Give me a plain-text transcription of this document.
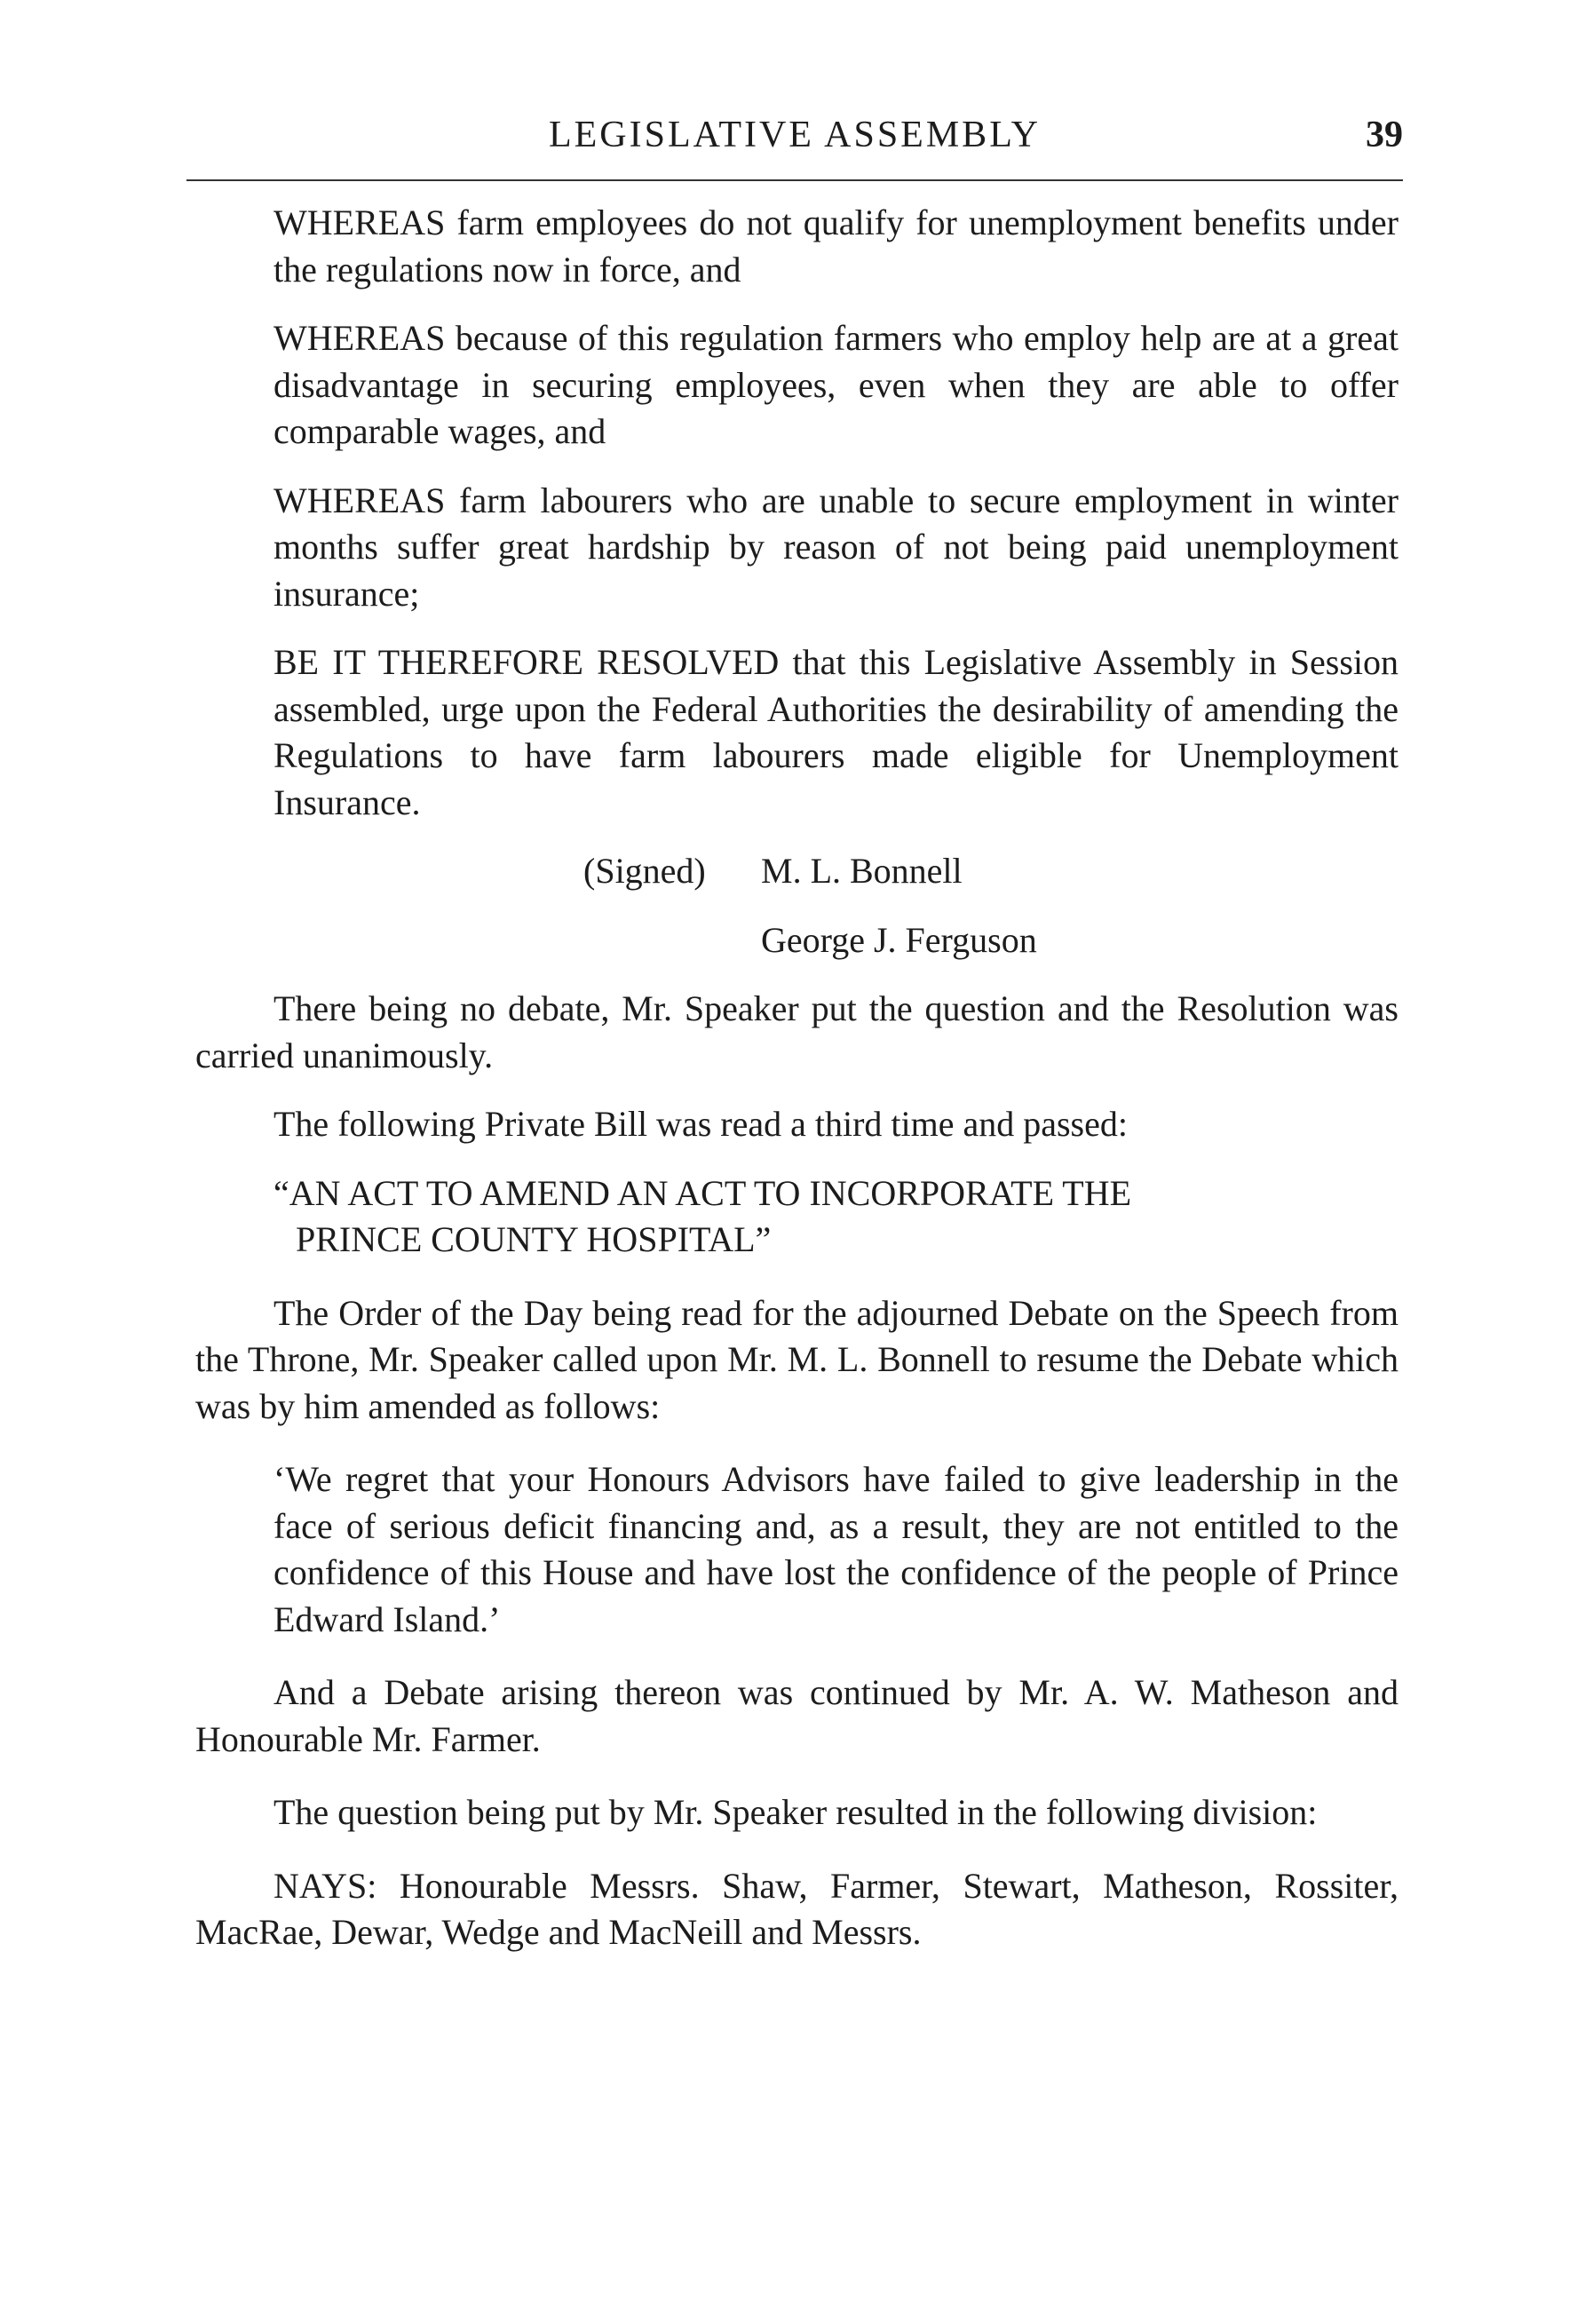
LEGISLATIVE ASSEMBLY	39

WHEREAS farm employees do not qualify for unemployment benefits under the regulations now in force, and

WHEREAS because of this regulation farmers who employ help are at a great disadvantage in securing employees, even when they are able to offer comparable wages, and

WHEREAS farm labourers who are unable to secure employment in winter months suffer great hardship by reason of not being paid unemployment insurance;

BE IT THEREFORE RESOLVED that this Legislative Assembly in Session assembled, urge upon the Federal Authorities the desirability of amending the Regulations to have farm labourers made eligible for Unemployment Insurance.

(Signed) M. L. Bonnell
George J. Ferguson

There being no debate, Mr. Speaker put the question and the Resolution was carried unanimously.

The following Private Bill was read a third time and passed:

“AN ACT TO AMEND AN ACT TO INCORPORATE THE
PRINCE COUNTY HOSPITAL”

The Order of the Day being read for the adjourned Debate on the Speech from the Throne, Mr. Speaker called upon Mr. M. L. Bonnell to resume the Debate which was by him amended as follows:

‘We regret that your Honours Advisors have failed to give leadership in the face of serious deficit financing and, as a result, they are not entitled to the confidence of this House and have lost the confidence of the people of Prince Edward Island.’

And a Debate arising thereon was continued by Mr. A. W. Matheson and Honourable Mr. Farmer.

The question being put by Mr. Speaker resulted in the following division:

NAYS: Honourable Messrs. Shaw, Farmer, Stewart, Matheson, Rossiter, MacRae, Dewar, Wedge and MacNeill and Messrs.
